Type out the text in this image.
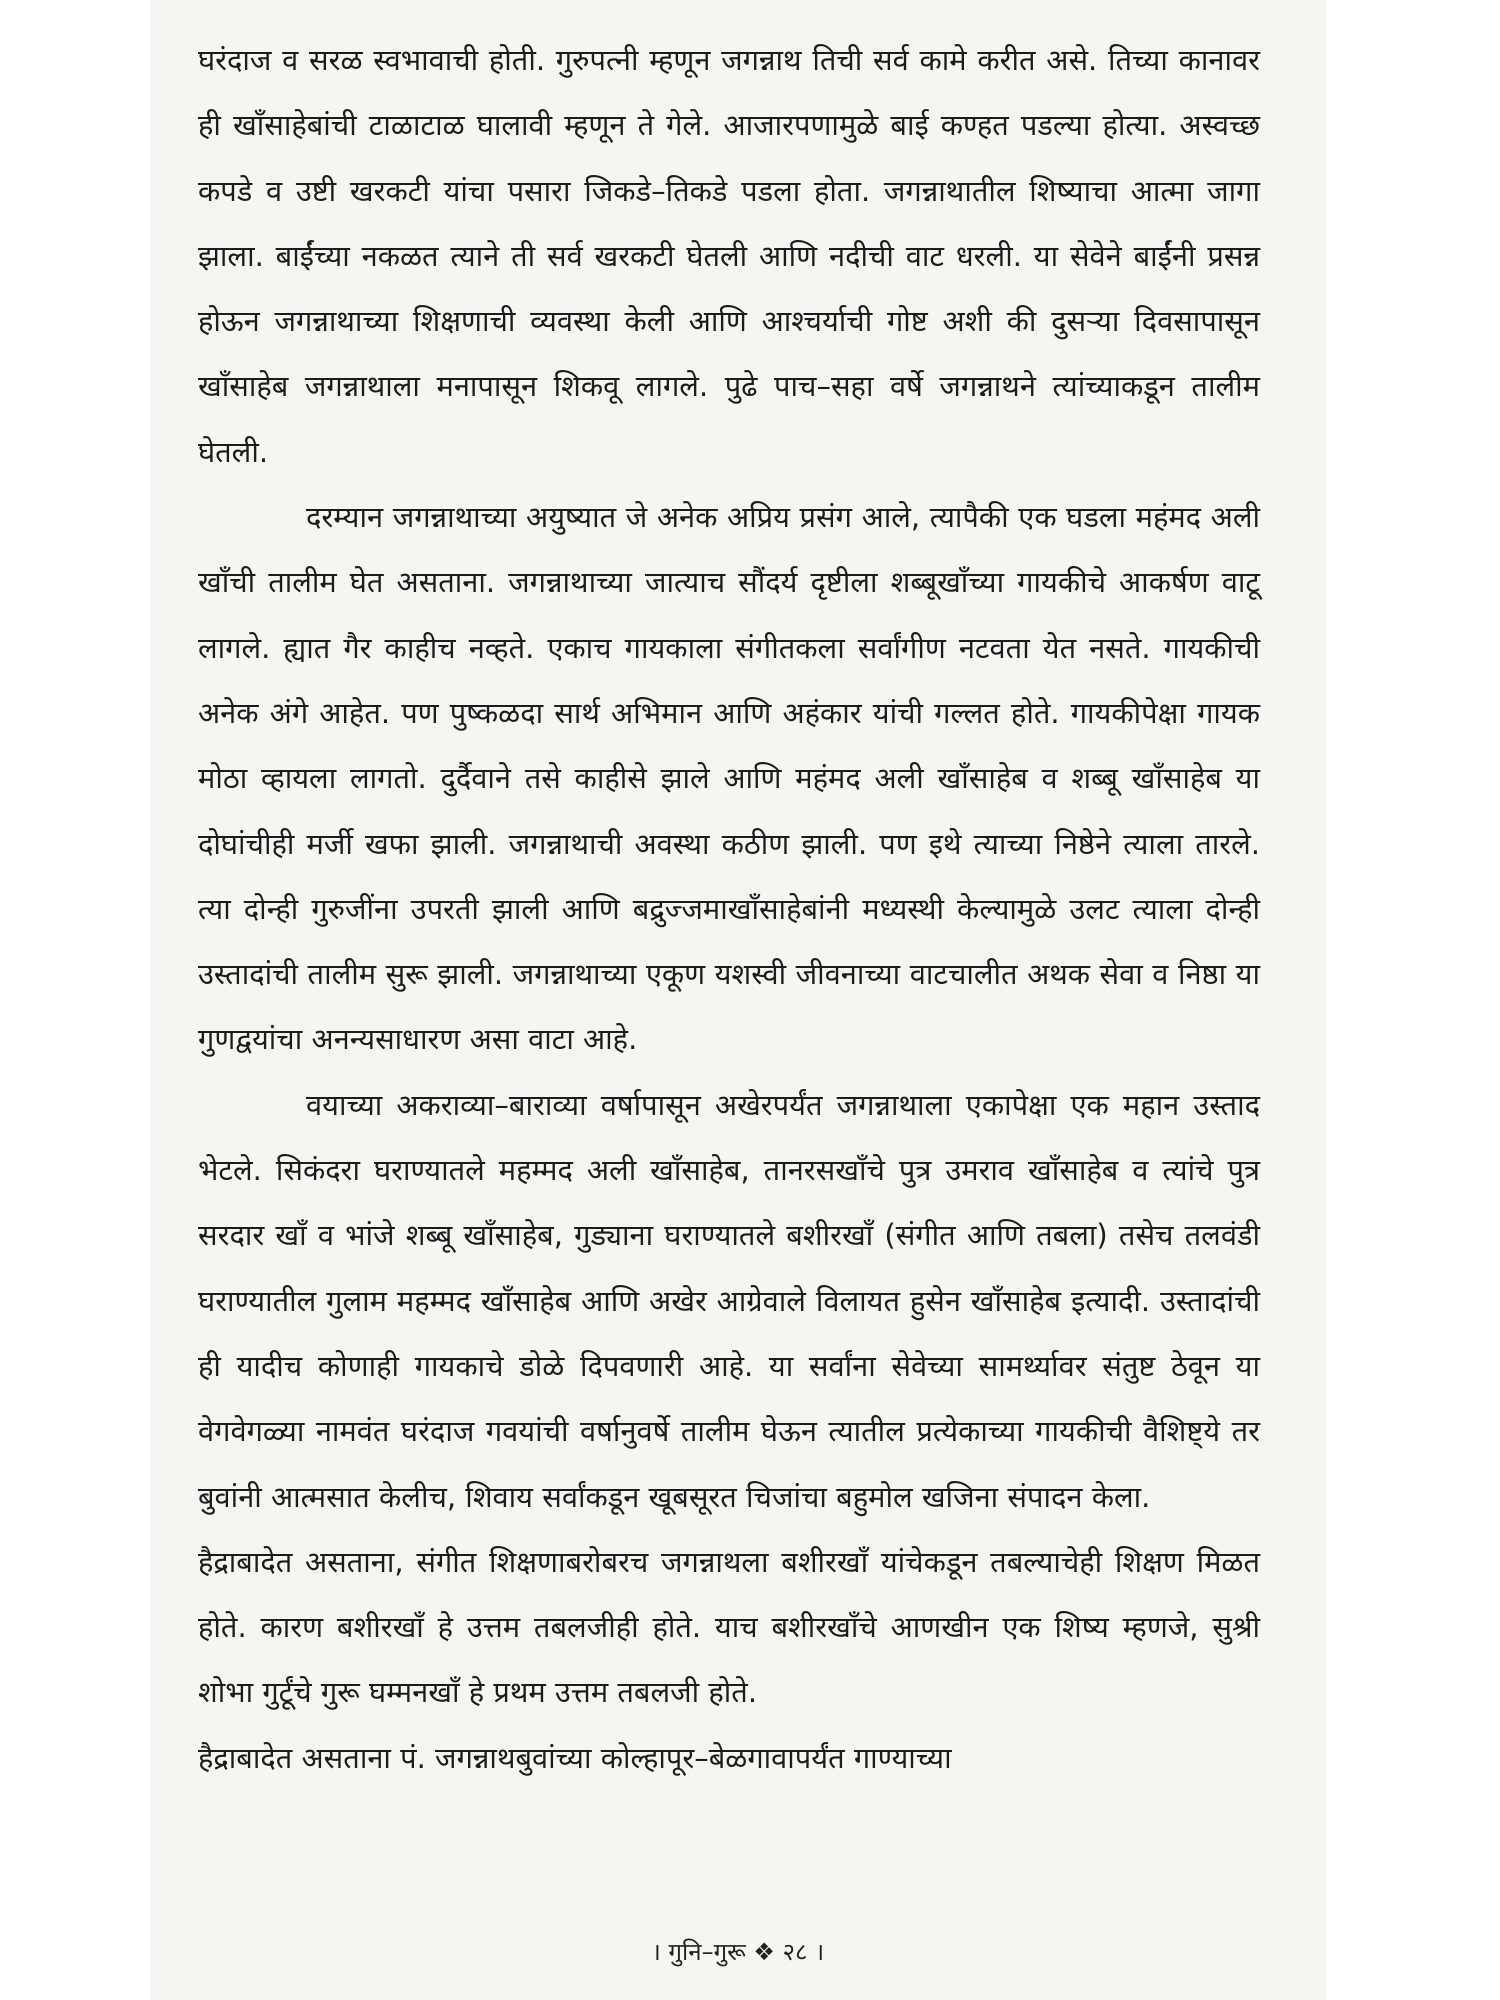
घरंदाज व सरळ स्वभावाची होती. गुरुपत्नी म्हणून जगन्नाथ तिची सर्व कामे करीत असे. तिच्या कानावर ही खाँसाहेबांची टाळाटाळ घालावी म्हणून ते गेले. आजारपणामुळे बाई कण्हत पडल्या होत्या. अस्वच्छ कपडे व उष्टी खरकटी यांचा पसारा जिकडे–तिकडे पडला होता. जगन्नाथातील शिष्याचा आत्मा जागा झाला. बाईंच्या नकळत त्याने ती सर्व खरकटी घेतली आणि नदीची वाट धरली. या सेवेने बाईंनी प्रसन्न होऊन जगन्नाथाच्या शिक्षणाची व्यवस्था केली आणि आश्चर्याची गोष्ट अशी की दुसऱ्या दिवसापासून खाँसाहेब जगन्नाथाला मनापासून शिकवू लागले. पुढे पाच–सहा वर्षे जगन्नाथने त्यांच्याकडून तालीम घेतली.

दरम्यान जगन्नाथाच्या अयुष्यात जे अनेक अप्रिय प्रसंग आले, त्यापैकी एक घडला महंमद अली खाँची तालीम घेत असताना. जगन्नाथाच्या जात्याच सौंदर्य दृष्टीला शब्बूखाँच्या गायकीचे आकर्षण वाटू लागले. ह्यात गैर काहीच नव्हते. एकाच गायकाला संगीतकला सर्वांगीण नटवता येत नसते. गायकीची अनेक अंगे आहेत. पण पुष्कळदा सार्थ अभिमान आणि अहंकार यांची गल्लत होते. गायकीपेक्षा गायक मोठा व्हायला लागतो. दुर्दैवाने तसे काहीसे झाले आणि महंमद अली खाँसाहेब व शब्बू खाँसाहेब या दोघांचीही मर्जी खफा झाली. जगन्नाथाची अवस्था कठीण झाली. पण इथे त्याच्या निष्ठेने त्याला तारले. त्या दोन्ही गुरुजींना उपरती झाली आणि बद्रुज्जमाखाँसाहेबांनी मध्यस्थी केल्यामुळे उलट त्याला दोन्ही उस्तादांची तालीम सुरू झाली. जगन्नाथाच्या एकूण यशस्वी जीवनाच्या वाटचालीत अथक सेवा व निष्ठा या गुणद्वयांचा अनन्यसाधारण असा वाटा आहे.

वयाच्या अकराव्या–बाराव्या वर्षापासून अखेरपर्यंत जगन्नाथाला एकापेक्षा एक महान उस्ताद भेटले. सिकंदरा घराण्यातले महम्मद अली खाँसाहेब, तानरसखाँचे पुत्र उमराव खाँसाहेब व त्यांचे पुत्र सरदार खाँ व भांजे शब्बू खाँसाहेब, गुड्याना घराण्यातले बशीरखाँ (संगीत आणि तबला) तसेच तलवंडी घराण्यातील गुलाम महम्मद खाँसाहेब आणि अखेर आग्रेवाले विलायत हुसेन खाँसाहेब इत्यादी. उस्तादांची ही यादीच कोणाही गायकाचे डोळे दिपवणारी आहे. या सर्वांना सेवेच्या सामर्थ्यावर संतुष्ट ठेवून या वेगवेगळ्या नामवंत घरंदाज गवयांची वर्षानुवर्षे तालीम घेऊन त्यातील प्रत्येकाच्या गायकीची वैशिष्ट्ये तर बुवांनी आत्मसात केलीच, शिवाय सर्वांकडून खूबसूरत चिजांचा बहुमोल खजिना संपादन केला.

हैद्राबादेत असताना, संगीत शिक्षणाबरोबरच जगन्नाथला बशीरखाँ यांचेकडून तबल्याचेही शिक्षण मिळत होते. कारण बशीरखाँ हे उत्तम तबलजीही होते. याच बशीरखाँचे आणखीन एक शिष्य म्हणजे, सुश्री शोभा गुर्टूंचे गुरू घम्मनखाँ हे प्रथम उत्तम तबलजी होते.

हैद्राबादेत असताना पं. जगन्नाथबुवांच्या कोल्हापूर–बेळगावापर्यंत गाण्याच्या

। गुनि–गुरू ❖ २८ ।
